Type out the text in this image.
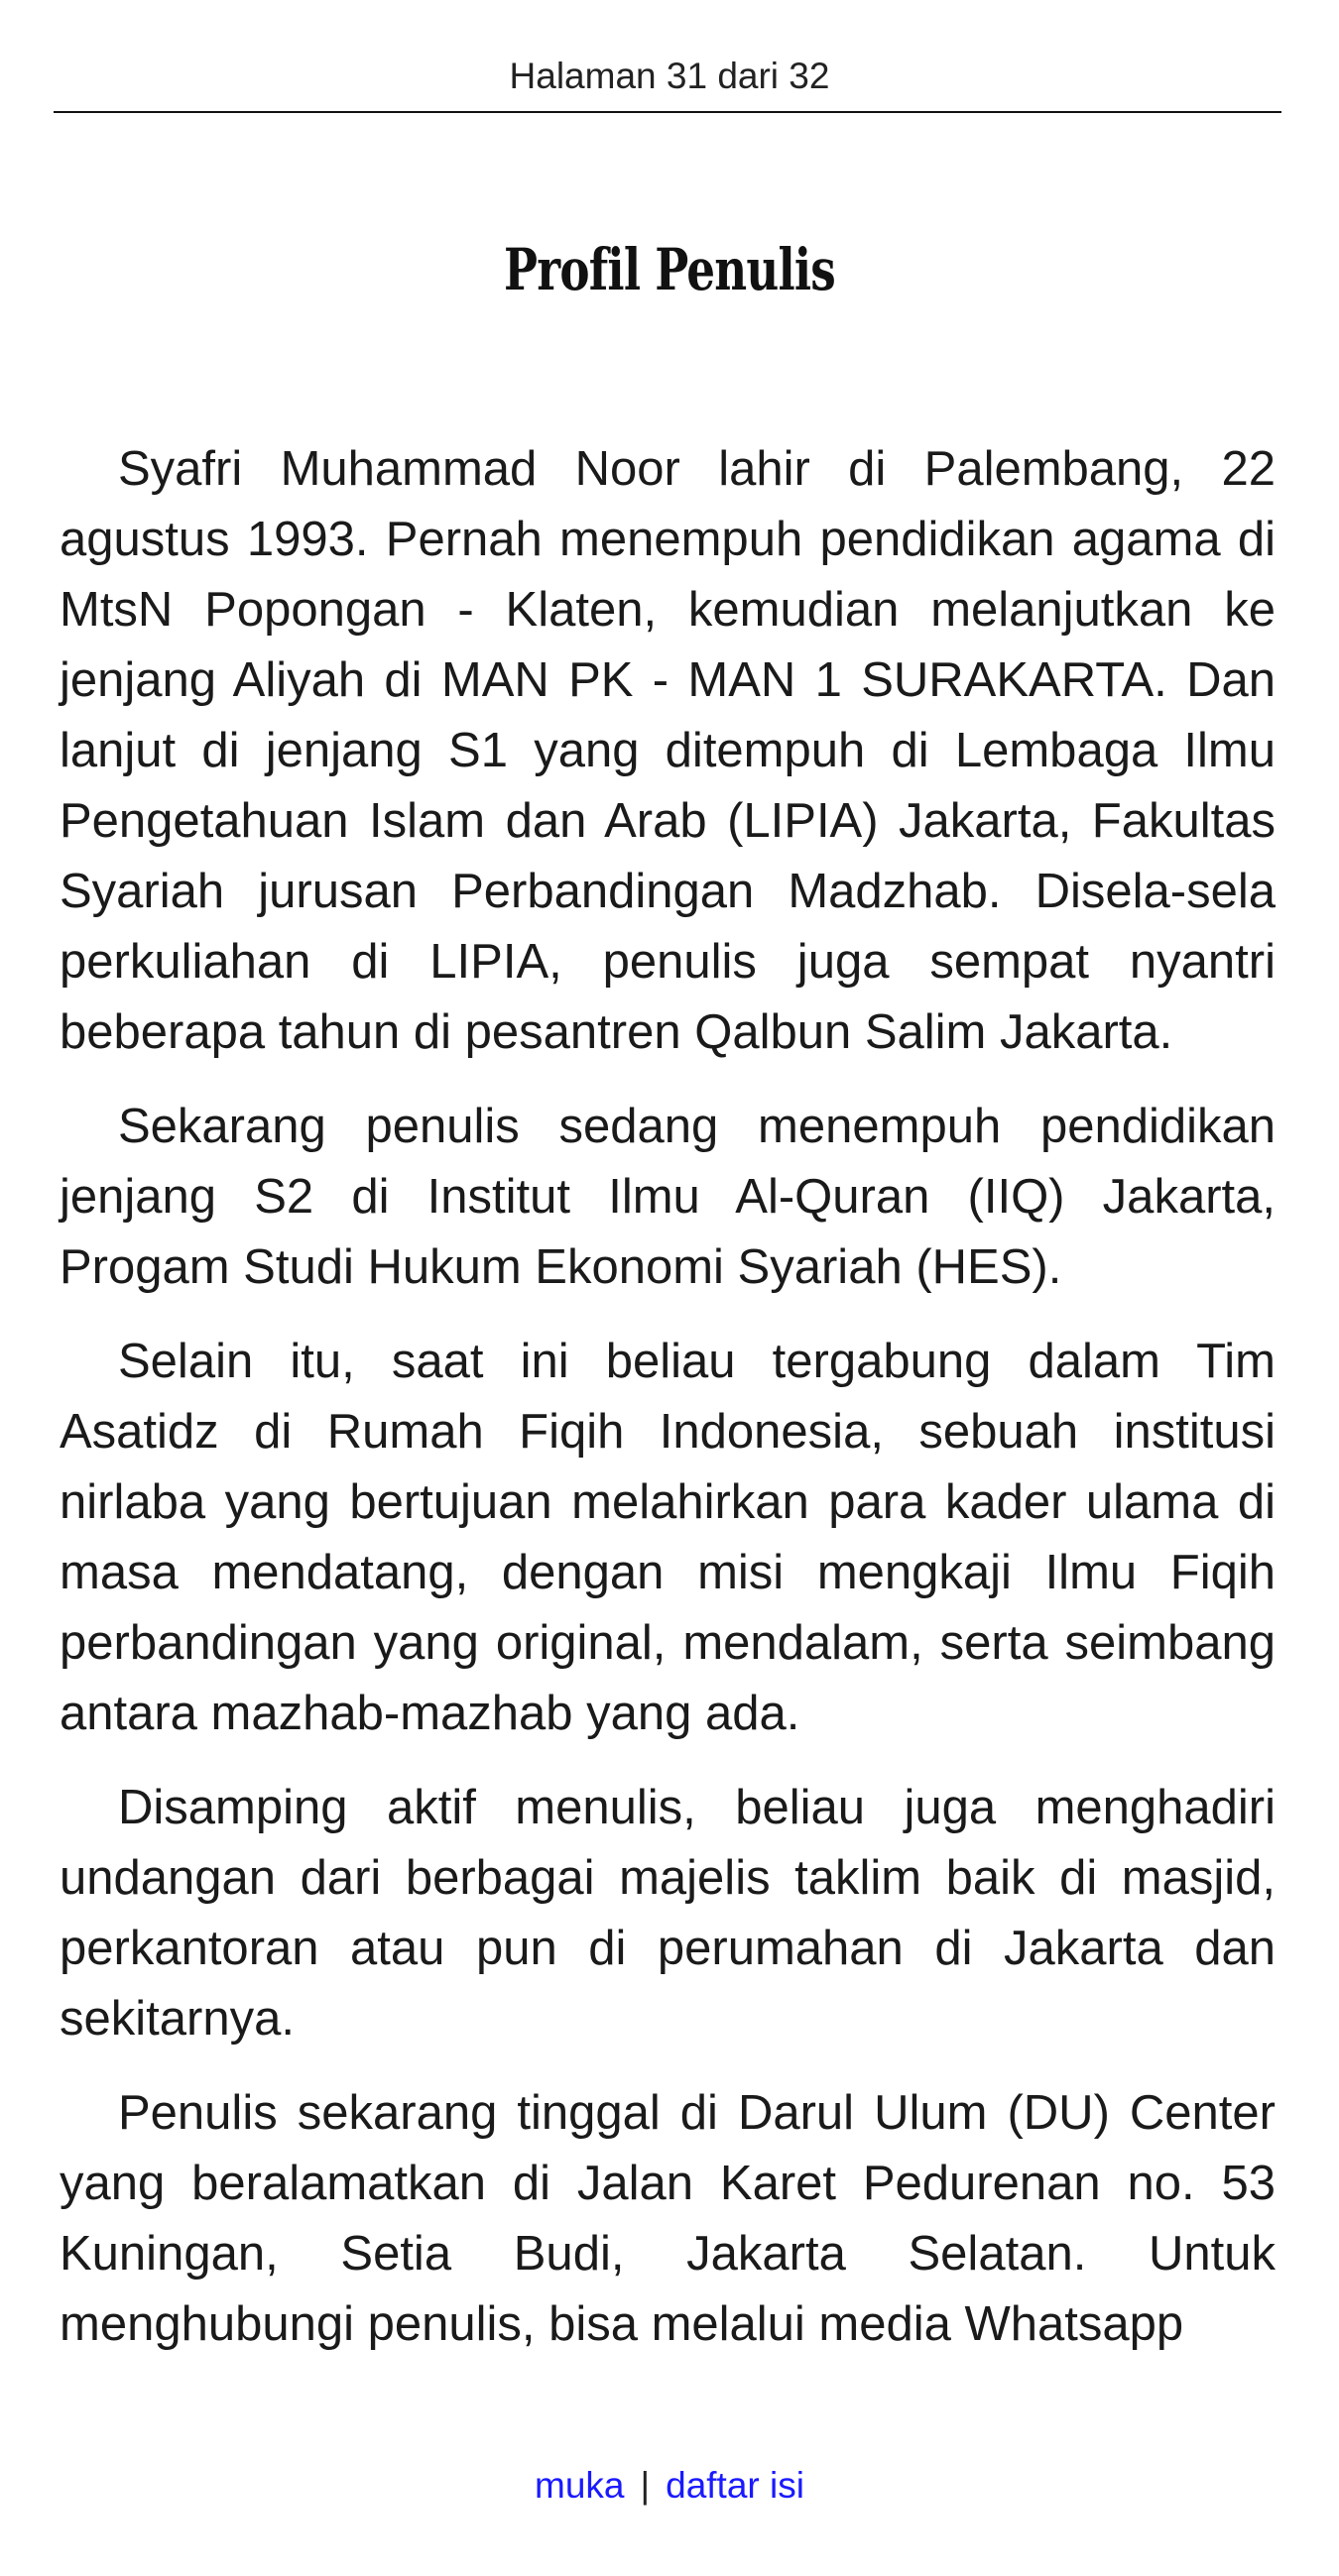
Halaman 31 dari 32
Profil Penulis

Syafri Muhammad Noor lahir di Palembang, 22 agustus 1993. Pernah menempuh pendidikan agama di MtsN Popongan - Klaten, kemudian melanjutkan ke jenjang Aliyah di MAN PK - MAN 1 SURAKARTA. Dan lanjut di jenjang S1 yang ditempuh di Lembaga Ilmu Pengetahuan Islam dan Arab (LIPIA) Jakarta, Fakultas Syariah jurusan Perbandingan Madzhab. Disela-sela perkuliahan di LIPIA, penulis juga sempat nyantri beberapa tahun di pesantren Qalbun Salim Jakarta.

Sekarang penulis sedang menempuh pendidikan jenjang S2 di Institut Ilmu Al-Quran (IIQ) Jakarta, Progam Studi Hukum Ekonomi Syariah (HES).

Selain itu, saat ini beliau tergabung dalam Tim Asatidz di Rumah Fiqih Indonesia, sebuah institusi nirlaba yang bertujuan melahirkan para kader ulama di masa mendatang, dengan misi mengkaji Ilmu Fiqih perbandingan yang original, mendalam, serta seimbang antara mazhab-mazhab yang ada.

Disamping aktif menulis, beliau juga menghadiri undangan dari berbagai majelis taklim baik di masjid, perkantoran atau pun di perumahan di Jakarta dan sekitarnya.

Penulis sekarang tinggal di Darul Ulum (DU) Center yang beralamatkan di Jalan Karet Pedurenan no. 53 Kuningan, Setia Budi, Jakarta Selatan. Untuk menghubungi penulis, bisa melalui media Whatsapp

muka | daftar isi
